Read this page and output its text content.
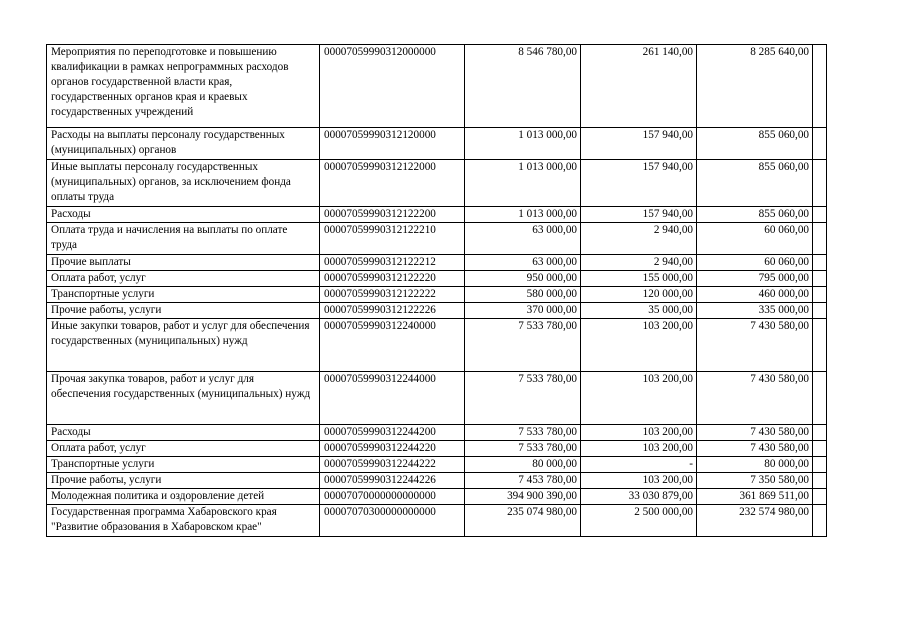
Мероприятия по переподготовке и повышению квалификации в рамках непрограммных расходов органов государственной власти края, государственных органов края и краевых государственных учреждений	00007059990312000000	8 546 780,00	261 140,00	8 285 640,00	
Расходы на выплаты персоналу государственных (муниципальных) органов	00007059990312120000	1 013 000,00	157 940,00	855 060,00	
Иные выплаты персоналу государственных (муниципальных) органов, за исключением фонда оплаты труда	00007059990312122000	1 013 000,00	157 940,00	855 060,00	
Расходы	00007059990312122200	1 013 000,00	157 940,00	855 060,00	
Оплата труда и начисления на выплаты по оплате труда	00007059990312122210	63 000,00	2 940,00	60 060,00	
Прочие выплаты	00007059990312122212	63 000,00	2 940,00	60 060,00	
Оплата работ, услуг	00007059990312122220	950 000,00	155 000,00	795 000,00	
Транспортные услуги	00007059990312122222	580 000,00	120 000,00	460 000,00	
Прочие работы, услуги	00007059990312122226	370 000,00	35 000,00	335 000,00	
Иные закупки товаров, работ и услуг для обеспечения государственных (муниципальных) нужд	00007059990312240000	7 533 780,00	103 200,00	7 430 580,00	
Прочая закупка товаров, работ и услуг для обеспечения государственных (муниципальных) нужд	00007059990312244000	7 533 780,00	103 200,00	7 430 580,00	
Расходы	00007059990312244200	7 533 780,00	103 200,00	7 430 580,00	
Оплата работ, услуг	00007059990312244220	7 533 780,00	103 200,00	7 430 580,00	
Транспортные услуги	00007059990312244222	80 000,00	-	80 000,00	
Прочие работы, услуги	00007059990312244226	7 453 780,00	103 200,00	7 350 580,00	
Молодежная политика и оздоровление детей	00007070000000000000	394 900 390,00	33 030 879,00	361 869 511,00	
Государственная программа Хабаровского края "Развитие образования в Хабаровском крае"	00007070300000000000	235 074 980,00	2 500 000,00	232 574 980,00	
